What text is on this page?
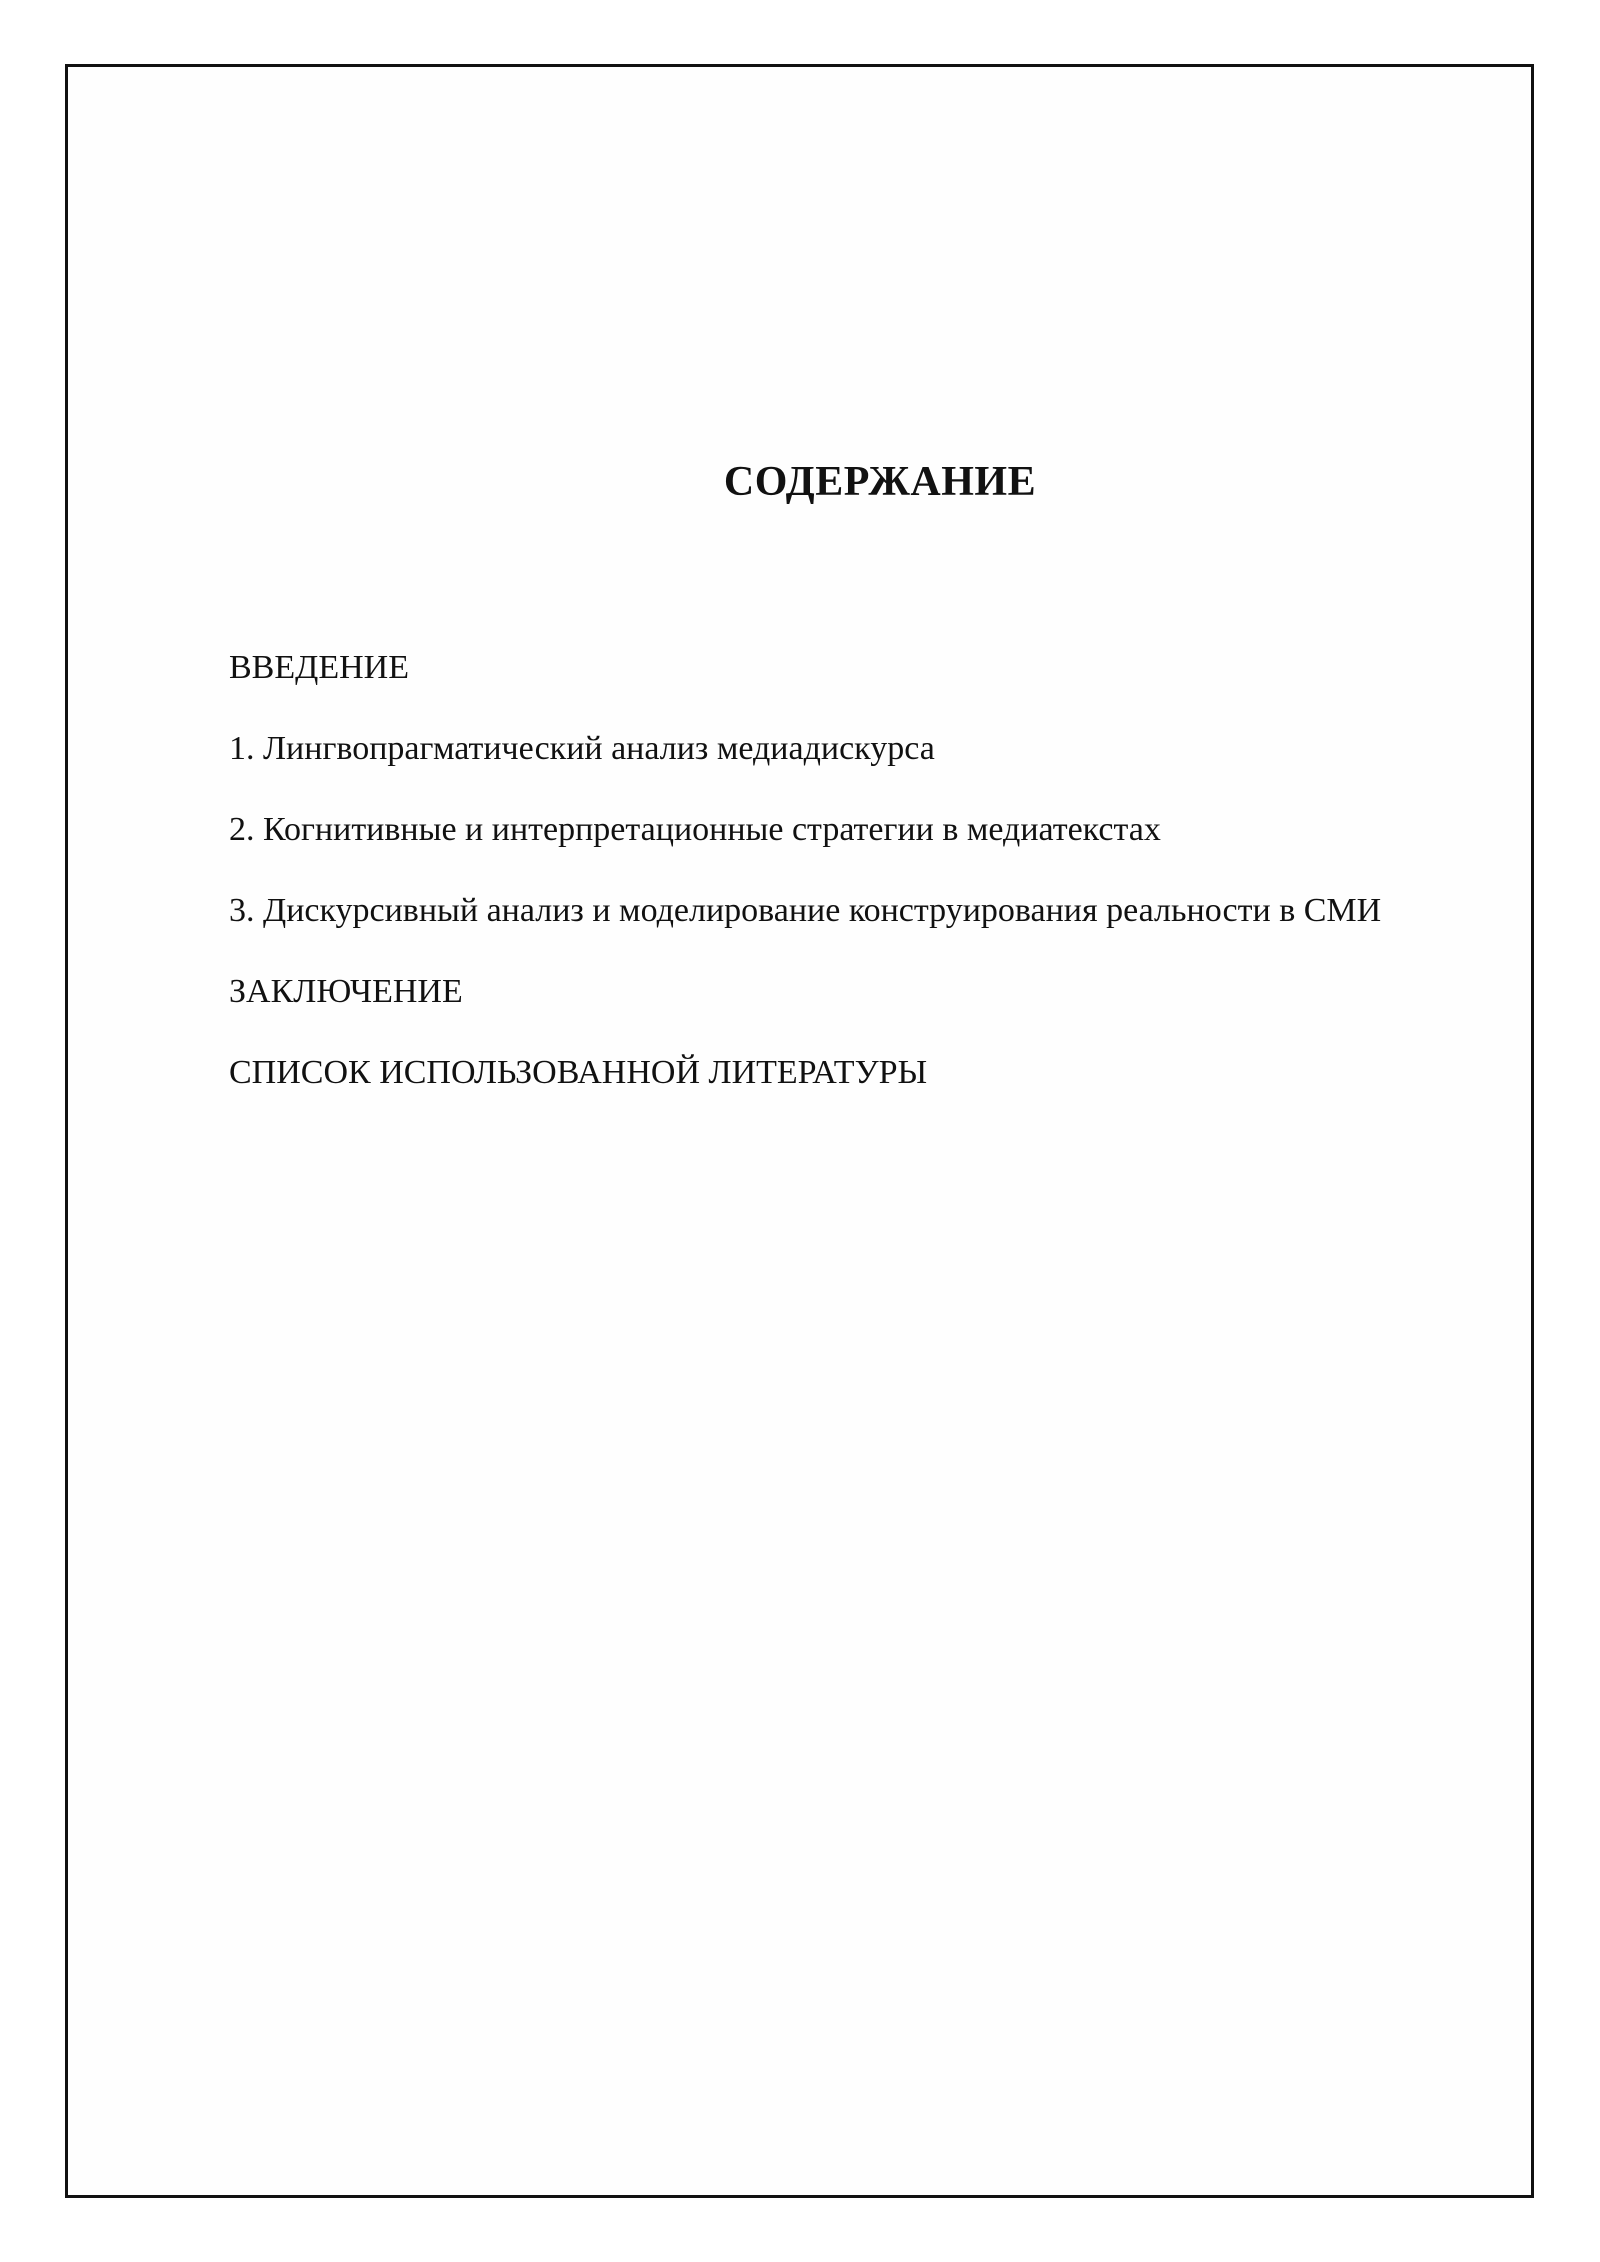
СОДЕРЖАНИЕ
ВВЕДЕНИЕ
1. Лингвопрагматический анализ медиадискурса
2. Когнитивные и интерпретационные стратегии в медиатекстах
3. Дискурсивный анализ и моделирование конструирования реальности в СМИ
ЗАКЛЮЧЕНИЕ
СПИСОК ИСПОЛЬЗОВАННОЙ ЛИТЕРАТУРЫ
